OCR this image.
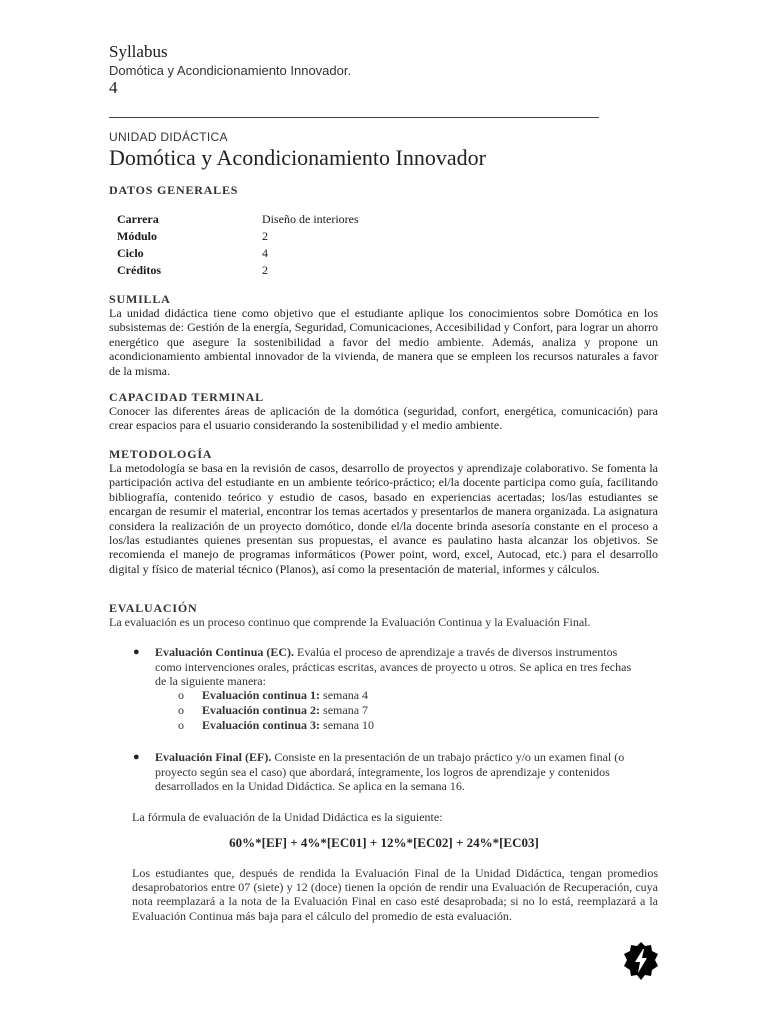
Syllabus
Domótica y Acondicionamiento Innovador.
4
UNIDAD DIDÁCTICA
Domótica y Acondicionamiento Innovador
DATOS GENERALES
Carrera	Diseño de interiores
Módulo	2
Ciclo	4
Créditos	2
SUMILLA
La unidad didáctica tiene como objetivo que el estudiante aplique los conocimientos sobre Domótica en los subsistemas de: Gestión de la energía, Seguridad, Comunicaciones, Accesibilidad y Confort, para lograr un ahorro energético que asegure la sostenibilidad a favor del medio ambiente. Además, analiza y propone un acondicionamiento ambiental innovador de la vivienda, de manera que se empleen los recursos naturales a favor de la misma.
CAPACIDAD TERMINAL
Conocer las diferentes áreas de aplicación de la domótica (seguridad, confort, energética, comunicación) para crear espacios para el usuario considerando la sostenibilidad y el medio ambiente.
METODOLOGÍA
La metodología se basa en la revisión de casos, desarrollo de proyectos y aprendizaje colaborativo. Se fomenta la participación activa del estudiante en un ambiente teórico-práctico; el/la docente participa como guía, facilitando bibliografía, contenido teórico y estudio de casos, basado en experiencias acertadas; los/las estudiantes se encargan de resumir el material, encontrar los temas acertados y presentarlos de manera organizada. La asignatura considera la realización de un proyecto domótico, donde el/la docente brinda asesoría constante en el proceso a los/las estudiantes quienes presentan sus propuestas, el avance es paulatino hasta alcanzar los objetivos. Se recomienda el manejo de programas informáticos (Power point, word, excel, Autocad, etc.) para el desarrollo digital y físico de material técnico (Planos), así como la presentación de material, informes y cálculos.
EVALUACIÓN
La evaluación es un proceso continuo que comprende la Evaluación Continua y la Evaluación Final.
● Evaluación Continua (EC). Evalúa el proceso de aprendizaje a través de diversos instrumentos como intervenciones orales, prácticas escritas, avances de proyecto u otros. Se aplica en tres fechas de la siguiente manera:
o Evaluación continua 1: semana 4
o Evaluación continua 2: semana 7
o Evaluación continua 3: semana 10
● Evaluación Final (EF). Consiste en la presentación de un trabajo práctico y/o un examen final (o proyecto según sea el caso) que abordará, íntegramente, los logros de aprendizaje y contenidos desarrollados en la Unidad Didáctica. Se aplica en la semana 16.
La fórmula de evaluación de la Unidad Didáctica es la siguiente:
60%*[EF] + 4%*[EC01] + 12%*[EC02] + 24%*[EC03]
Los estudiantes que, después de rendida la Evaluación Final de la Unidad Didáctica, tengan promedios desaprobatorios entre 07 (siete) y 12 (doce) tienen la opción de rendir una Evaluación de Recuperación, cuya nota reemplazará a la nota de la Evaluación Final en caso esté desaprobada; si no lo está, reemplazará a la Evaluación Continua más baja para el cálculo del promedio de esta evaluación.
